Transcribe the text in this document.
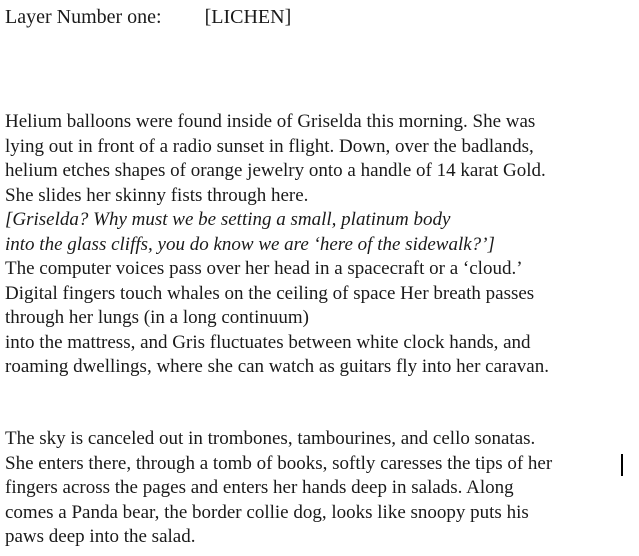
Layer Number one: [LICHEN]
Helium balloons were found inside of Griselda this morning. She was
lying out in front of a radio sunset in flight. Down, over the badlands,
helium etches shapes of orange jewelry onto a handle of 14 karat Gold.
She slides her skinny fists through here.
[Griselda? Why must we be setting a small, platinum body
into the glass cliffs, you do know we are ‘here of the sidewalk?’]
The computer voices pass over her head in a spacecraft or a ‘cloud.’
Digital fingers touch whales on the ceiling of space Her breath passes
through her lungs (in a long continuum)
into the mattress, and Gris fluctuates between white clock hands, and
roaming dwellings, where she can watch as guitars fly into her caravan.
The sky is canceled out in trombones, tambourines, and cello sonatas.
She enters there, through a tomb of books, softly caresses the tips of her
fingers across the pages and enters her hands deep in salads. Along
comes a Panda bear, the border collie dog, looks like snoopy puts his
paws deep into the salad.
